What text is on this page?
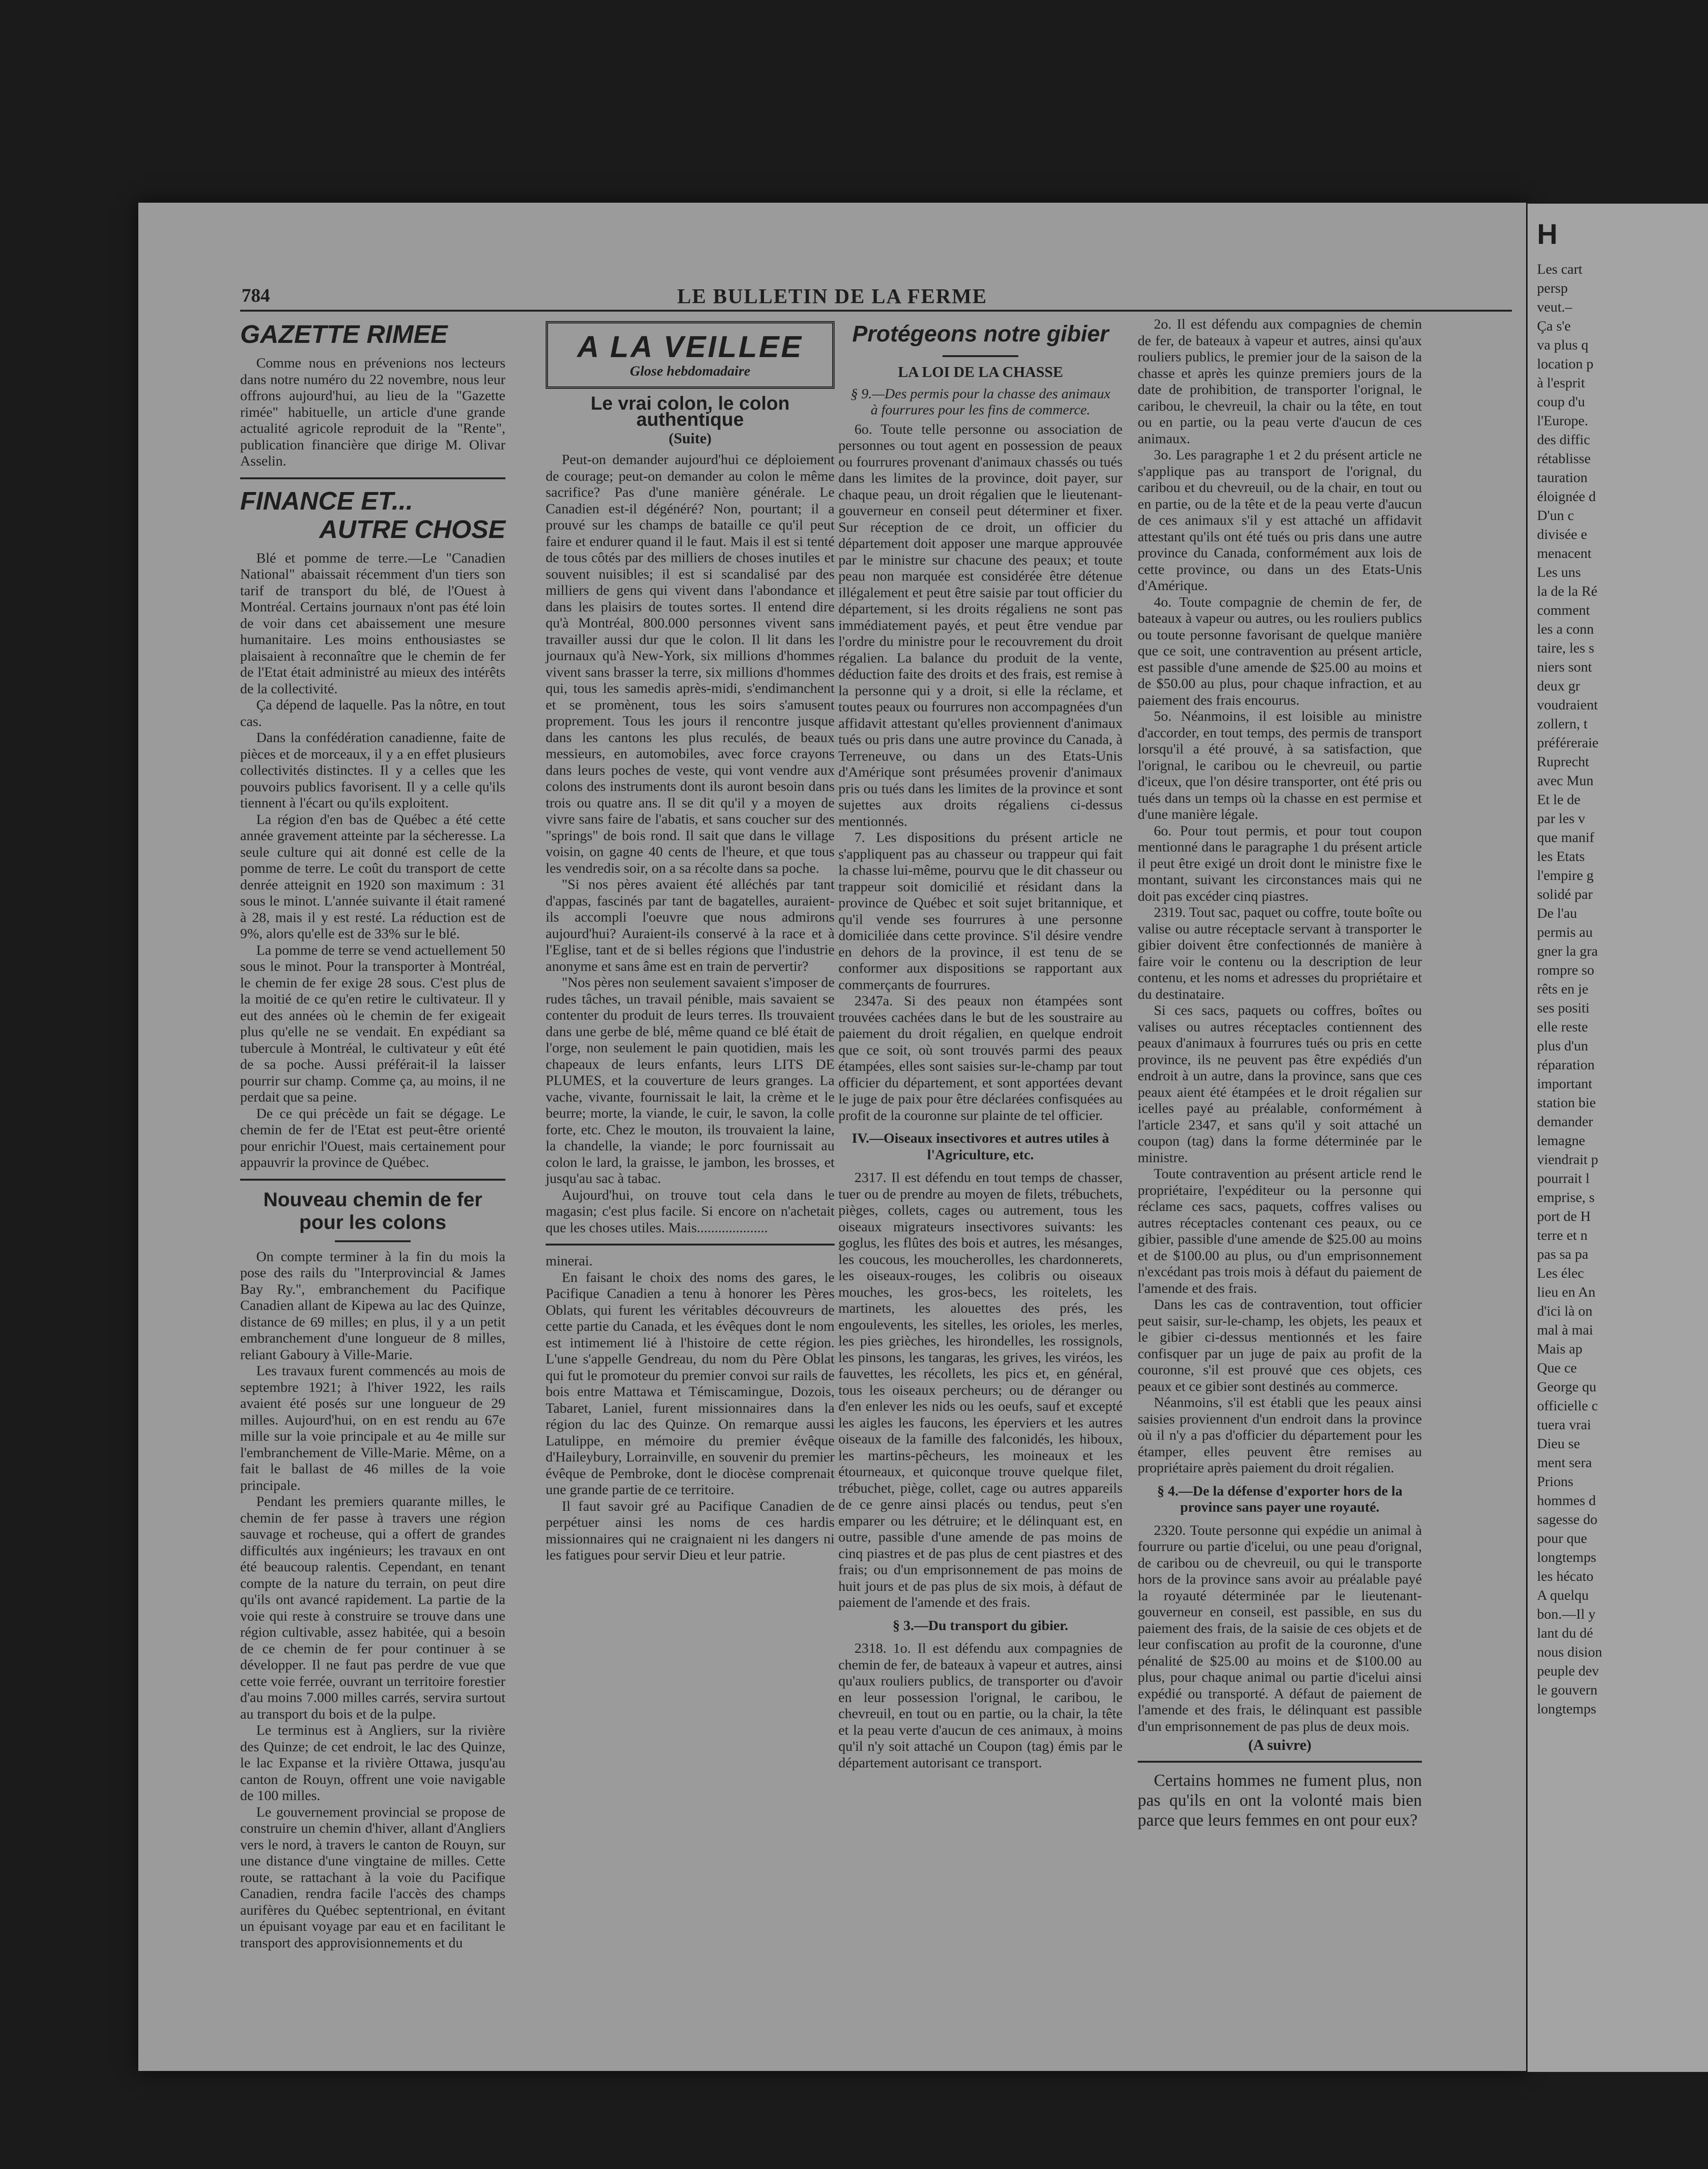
784	LE BULLETIN DE LA FERME
GAZETTE RIMEE

Comme nous en prévenions nos lecteurs dans notre numéro du 22 novembre, nous leur offrons aujourd'hui, au lieu de la "Gazette rimée" habituelle, un article d'une grande actualité agricole reproduit de la "Rente", publication financière que dirige M. Olivar Asselin.

FINANCE ET...
AUTRE CHOSE

Blé et pomme de terre.—Le "Canadien National" abaissait récemment d'un tiers son tarif de transport du blé, de l'Ouest à Montréal. Certains journaux n'ont pas été loin de voir dans cet abaissement une mesure humanitaire. Les moins enthousiastes se plaisaient à reconnaître que le chemin de fer de l'Etat était administré au mieux des intérêts de la collectivité.

Ça dépend de laquelle. Pas la nôtre, en tout cas.

Dans la confédération canadienne, faite de pièces et de morceaux, il y a en effet plusieurs collectivités distinctes. Il y a celles que les pouvoirs publics favorisent. Il y a celle qu'ils tiennent à l'écart ou qu'ils exploitent.

La région d'en bas de Québec a été cette année gravement atteinte par la sécheresse. La seule culture qui ait donné est celle de la pomme de terre. Le coût du transport de cette denrée atteignit en 1920 son maximum : 31 sous le minot. L'année suivante il était ramené à 28, mais il y est resté. La réduction est de 9%, alors qu'elle est de 33% sur le blé.

La pomme de terre se vend actuellement 50 sous le minot. Pour la transporter à Montréal, le chemin de fer exige 28 sous. C'est plus de la moitié de ce qu'en retire le cultivateur. Il y eut des années où le chemin de fer exigeait plus qu'elle ne se vendait. En expédiant sa tubercule à Montréal, le cultivateur y eût été de sa poche. Aussi préférait-il la laisser pourrir sur champ. Comme ça, au moins, il ne perdait que sa peine.

De ce qui précède un fait se dégage. Le chemin de fer de l'Etat est peut-être orienté pour enrichir l'Ouest, mais certainement pour appauvrir la province de Québec.

Nouveau chemin de fer pour les colons

On compte terminer à la fin du mois la pose des rails du "Interprovincial & James Bay Ry.", embranchement du Pacifique Canadien allant de Kipewa au lac des Quinze, distance de 69 milles; en plus, il y a un petit embranchement d'une longueur de 8 milles, reliant Gaboury à Ville-Marie.

Les travaux furent commencés au mois de septembre 1921; à l'hiver 1922, les rails avaient été posés sur une longueur de 29 milles. Aujourd'hui, on en est rendu au 67e mille sur la voie principale et au 4e mille sur l'embranchement de Ville-Marie. Même, on a fait le ballast de 46 milles de la voie principale.

Pendant les premiers quarante milles, le chemin de fer passe à travers une région sauvage et rocheuse, qui a offert de grandes difficultés aux ingénieurs; les travaux en ont été beaucoup ralentis. Cependant, en tenant compte de la nature du terrain, on peut dire qu'ils ont avancé rapidement. La partie de la voie qui reste à construire se trouve dans une région cultivable, assez habitée, qui a besoin de ce chemin de fer pour continuer à se développer. Il ne faut pas perdre de vue que cette voie ferrée, ouvrant un territoire forestier d'au moins 7.000 milles carrés, servira surtout au transport du bois et de la pulpe.

Le terminus est à Angliers, sur la rivière des Quinze; de cet endroit, le lac des Quinze, le lac Expanse et la rivière Ottawa, jusqu'au canton de Rouyn, offrent une voie navigable de 100 milles.

Le gouvernement provincial se propose de construire un chemin d'hiver, allant d'Angliers vers le nord, à travers le canton de Rouyn, sur une distance d'une vingtaine de milles. Cette route, se rattachant à la voie du Pacifique Canadien, rendra facile l'accès des champs aurifères du Québec septentrional, en évitant un épuisant voyage par eau et en facilitant le transport des approvisionnements et du

A LA VEILLEE
Glose hebdomadaire
Le vrai colon, le colon authentique
(Suite)

Peut-on demander aujourd'hui ce déploiement de courage; peut-on demander au colon le même sacrifice? Pas d'une manière générale. Le Canadien est-il dégénéré? Non, pourtant; il a prouvé sur les champs de bataille ce qu'il peut faire et endurer quand il le faut. Mais il est si tenté de tous côtés par des milliers de choses inutiles et souvent nuisibles; il est si scandalisé par des milliers de gens qui vivent dans l'abondance et dans les plaisirs de toutes sortes. Il entend dire qu'à Montréal, 800.000 personnes vivent sans travailler aussi dur que le colon. Il lit dans les journaux qu'à New-York, six millions d'hommes vivent sans brasser la terre, six millions d'hommes qui, tous les samedis après-midi, s'endimanchent et se promènent, tous les soirs s'amusent proprement. Tous les jours il rencontre jusque dans les cantons les plus reculés, de beaux messieurs, en automobiles, avec force crayons dans leurs poches de veste, qui vont vendre aux colons des instruments dont ils auront besoin dans trois ou quatre ans. Il se dit qu'il y a moyen de vivre sans faire de l'abatis, et sans coucher sur des "springs" de bois rond. Il sait que dans le village voisin, on gagne 40 cents de l'heure, et que tous les vendredis soir, on a sa récolte dans sa poche.

"Si nos pères avaient été alléchés par tant d'appas, fascinés par tant de bagatelles, auraient-ils accompli l'oeuvre que nous admirons aujourd'hui? Auraient-ils conservé à la race et à l'Eglise, tant et de si belles régions que l'industrie anonyme et sans âme est en train de pervertir?

"Nos pères non seulement savaient s'imposer de rudes tâches, un travail pénible, mais savaient se contenter du produit de leurs terres. Ils trouvaient dans une gerbe de blé, même quand ce blé était de l'orge, non seulement le pain quotidien, mais les chapeaux de leurs enfants, leurs LITS DE PLUMES, et la couverture de leurs granges. La vache, vivante, fournissait le lait, la crème et le beurre; morte, la viande, le cuir, le savon, la colle forte, etc. Chez le mouton, ils trouvaient la laine, la chandelle, la viande; le porc fournissait au colon le lard, la graisse, le jambon, les brosses, et jusqu'au sac à tabac.

Aujourd'hui, on trouve tout cela dans le magasin; c'est plus facile. Si encore on n'achetait que les choses utiles. Mais....................

minerai.

En faisant le choix des noms des gares, le Pacifique Canadien a tenu à honorer les Pères Oblats, qui furent les véritables découvreurs de cette partie du Canada, et les évêques dont le nom est intimement lié à l'histoire de cette région. L'une s'appelle Gendreau, du nom du Père Oblat qui fut le promoteur du premier convoi sur rails de bois entre Mattawa et Témiscamingue, Dozois, Tabaret, Laniel, furent missionnaires dans la région du lac des Quinze. On remarque aussi Latulippe, en mémoire du premier évêque d'Haileybury, Lorrainville, en souvenir du premier évêque de Pembroke, dont le diocèse comprenait une grande partie de ce territoire.

Il faut savoir gré au Pacifique Canadien de perpétuer ainsi les noms de ces hardis missionnaires qui ne craignaient ni les dangers ni les fatigues pour servir Dieu et leur patrie.

Protégeons notre gibier
LA LOI DE LA CHASSE
§ 9.—Des permis pour la chasse des animaux à fourrures pour les fins de commerce.

6o. Toute telle personne ou association de personnes ou tout agent en possession de peaux ou fourrures provenant d'animaux chassés ou tués dans les limites de la province, doit payer, sur chaque peau, un droit régalien que le lieutenant-gouverneur en conseil peut déterminer et fixer. Sur réception de ce droit, un officier du département doit apposer une marque approuvée par le ministre sur chacune des peaux; et toute peau non marquée est considérée être détenue illégalement et peut être saisie par tout officier du département, si les droits régaliens ne sont pas immédiatement payés, et peut être vendue par l'ordre du ministre pour le recouvrement du droit régalien. La balance du produit de la vente, déduction faite des droits et des frais, est remise à la personne qui y a droit, si elle la réclame, et toutes peaux ou fourrures non accompagnées d'un affidavit attestant qu'elles proviennent d'animaux tués ou pris dans une autre province du Canada, à Terreneuve, ou dans un des Etats-Unis d'Amérique sont présumées provenir d'animaux pris ou tués dans les limites de la province et sont sujettes aux droits régaliens ci-dessus mentionnés.

7. Les dispositions du présent article ne s'appliquent pas au chasseur ou trappeur qui fait la chasse lui-même, pourvu que le dit chasseur ou trappeur soit domicilié et résidant dans la province de Québec et soit sujet britannique, et qu'il vende ses fourrures à une personne domiciliée dans cette province. S'il désire vendre en dehors de la province, il est tenu de se conformer aux dispositions se rapportant aux commerçants de fourrures.

2347a. Si des peaux non étampées sont trouvées cachées dans le but de les soustraire au paiement du droit régalien, en quelque endroit que ce soit, où sont trouvés parmi des peaux étampées, elles sont saisies sur-le-champ par tout officier du département, et sont apportées devant le juge de paix pour être déclarées confisquées au profit de la couronne sur plainte de tel officier.

IV.—Oiseaux insectivores et autres utiles à l'Agriculture, etc.

2317. Il est défendu en tout temps de chasser, tuer ou de prendre au moyen de filets, trébuchets, pièges, collets, cages ou autrement, tous les oiseaux migrateurs insectivores suivants: les goglus, les flûtes des bois et autres, les mésanges, les coucous, les moucherolles, les chardonnerets, les oiseaux-rouges, les colibris ou oiseaux mouches, les gros-becs, les roitelets, les martinets, les alouettes des prés, les engoulevents, les sitelles, les orioles, les merles, les pies grièches, les hirondelles, les rossignols, les pinsons, les tangaras, les grives, les viréos, les fauvettes, les récollets, les pics et, en général, tous les oiseaux percheurs; ou de déranger ou d'en enlever les nids ou les oeufs, sauf et excepté les aigles les faucons, les éperviers et les autres oiseaux de la famille des falconidés, les hiboux, les martins-pêcheurs, les moineaux et les étourneaux, et quiconque trouve quelque filet, trébuchet, piège, collet, cage ou autres appareils de ce genre ainsi placés ou tendus, peut s'en emparer ou les détruire; et le délinquant est, en outre, passible d'une amende de pas moins de cinq piastres et de pas plus de cent piastres et des frais; ou d'un emprisonnement de pas moins de huit jours et de pas plus de six mois, à défaut de paiement de l'amende et des frais.

§ 3.—Du transport du gibier.

2318. 1o. Il est défendu aux compagnies de chemin de fer, de bateaux à vapeur et autres, ainsi qu'aux rouliers publics, de transporter ou d'avoir en leur possession l'orignal, le caribou, le chevreuil, en tout ou en partie, ou la chair, la tête et la peau verte d'aucun de ces animaux, à moins qu'il n'y soit attaché un Coupon (tag) émis par le département autorisant ce transport.

2o. Il est défendu aux compagnies de chemin de fer, de bateaux à vapeur et autres, ainsi qu'aux rouliers publics, le premier jour de la saison de la chasse et après les quinze premiers jours de la date de prohibition, de transporter l'orignal, le caribou, le chevreuil, la chair ou la tête, en tout ou en partie, ou la peau verte d'aucun de ces animaux.

3o. Les paragraphe 1 et 2 du présent article ne s'applique pas au transport de l'orignal, du caribou et du chevreuil, ou de la chair, en tout ou en partie, ou de la tête et de la peau verte d'aucun de ces animaux s'il y est attaché un affidavit attestant qu'ils ont été tués ou pris dans une autre province du Canada, conformément aux lois de cette province, ou dans un des Etats-Unis d'Amérique.

4o. Toute compagnie de chemin de fer, de bateaux à vapeur ou autres, ou les rouliers publics ou toute personne favorisant de quelque manière que ce soit, une contravention au présent article, est passible d'une amende de $25.00 au moins et de $50.00 au plus, pour chaque infraction, et au paiement des frais encourus.

5o. Néanmoins, il est loisible au ministre d'accorder, en tout temps, des permis de transport lorsqu'il a été prouvé, à sa satisfaction, que l'orignal, le caribou ou le chevreuil, ou partie d'iceux, que l'on désire transporter, ont été pris ou tués dans un temps où la chasse en est permise et d'une manière légale.

6o. Pour tout permis, et pour tout coupon mentionné dans le paragraphe 1 du présent article il peut être exigé un droit dont le ministre fixe le montant, suivant les circonstances mais qui ne doit pas excéder cinq piastres.

2319. Tout sac, paquet ou coffre, toute boîte ou valise ou autre réceptacle servant à transporter le gibier doivent être confectionnés de manière à faire voir le contenu ou la description de leur contenu, et les noms et adresses du propriétaire et du destinataire.

Si ces sacs, paquets ou coffres, boîtes ou valises ou autres réceptacles contiennent des peaux d'animaux à fourrures tués ou pris en cette province, ils ne peuvent pas être expédiés d'un endroit à un autre, dans la province, sans que ces peaux aient été étampées et le droit régalien sur icelles payé au préalable, conformément à l'article 2347, et sans qu'il y soit attaché un coupon (tag) dans la forme déterminée par le ministre.

Toute contravention au présent article rend le propriétaire, l'expéditeur ou la personne qui réclame ces sacs, paquets, coffres valises ou autres réceptacles contenant ces peaux, ou ce gibier, passible d'une amende de $25.00 au moins et de $100.00 au plus, ou d'un emprisonnement n'excédant pas trois mois à défaut du paiement de l'amende et des frais.

Dans les cas de contravention, tout officier peut saisir, sur-le-champ, les objets, les peaux et le gibier ci-dessus mentionnés et les faire confisquer par un juge de paix au profit de la couronne, s'il est prouvé que ces objets, ces peaux et ce gibier sont destinés au commerce.

Néanmoins, s'il est établi que les peaux ainsi saisies proviennent d'un endroit dans la province où il n'y a pas d'officier du département pour les étamper, elles peuvent être remises au propriétaire après paiement du droit régalien.

§ 4.—De la défense d'exporter hors de la province sans payer une royauté.

2320. Toute personne qui expédie un animal à fourrure ou partie d'icelui, ou une peau d'orignal, de caribou ou de chevreuil, ou qui le transporte hors de la province sans avoir au préalable payé la royauté déterminée par le lieutenant-gouverneur en conseil, est passible, en sus du paiement des frais, de la saisie de ces objets et de leur confiscation au profit de la couronne, d'une pénalité de $25.00 au moins et de $100.00 au plus, pour chaque animal ou partie d'icelui ainsi expédié ou transporté. A défaut de paiement de l'amende et des frais, le délinquant est passible d'un emprisonnement de pas plus de deux mois.

(A suivre)

Certains hommes ne fument plus, non pas qu'ils en ont la volonté mais bien parce que leurs femmes en ont pour eux?

H
Les cart
persp
veut.–
Ça s'e
va plus q
location p
à l'esprit
coup d'u
l'Europe.
des diffic
rétablisse
tauration
éloignée d
D'un c
divisée e
menacent
Les uns
la de la Ré
comment
les a conn
taire, les s
niers sont
deux gr
voudraient
zollern, t
préféreraie
Ruprecht
avec Mun
Et le de
par les v
que manif
les Etats
l'empire g
solidé par
De l'au
permis au
gner la gra
rompre so
rêts en je
ses positi
elle reste
plus d'un
réparation
important
station bie
demander
lemagne
viendrait p
pourrait l
emprise, s
port de H
terre et n
pas sa pa
Les élec
lieu en An
d'ici là on
mal à mai
Mais ap
Que ce
George qu
officielle c
tuera vrai
Dieu se
ment sera
Prions
hommes d
sagesse do
pour que
longtemps
les hécato
A quelqu
bon.—Il y
lant du dé
nous dision
peuple dev
le gouvern
longtemps
